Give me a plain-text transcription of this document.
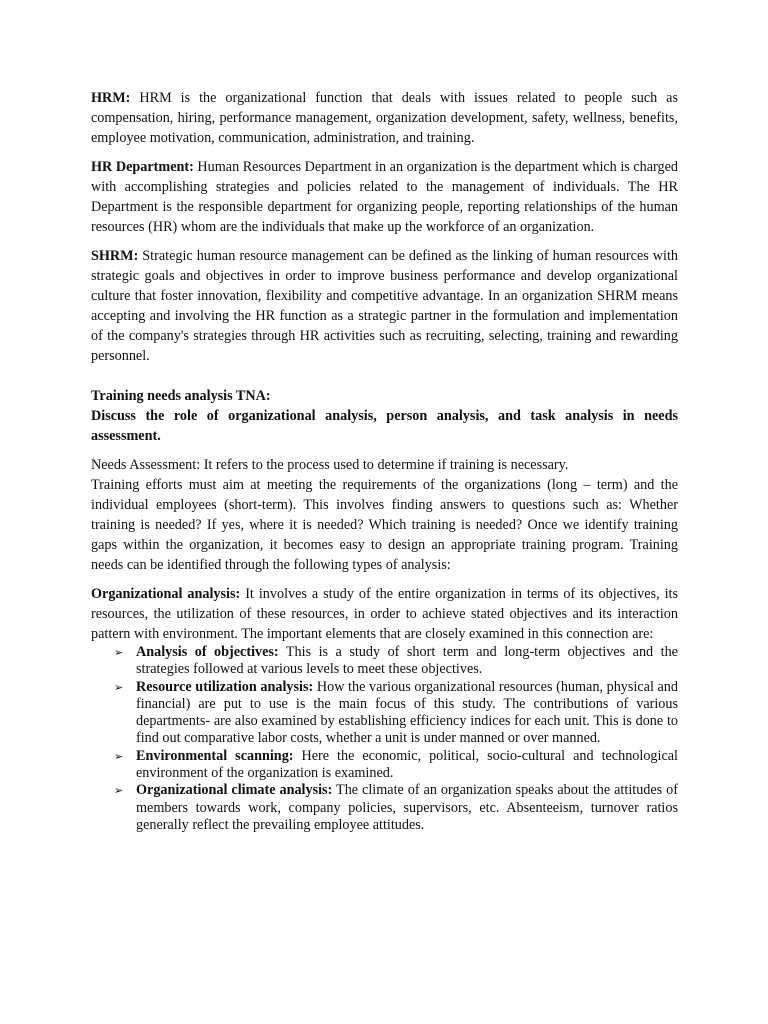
HRM: HRM is the organizational function that deals with issues related to people such as compensation, hiring, performance management, organization development, safety, wellness, benefits, employee motivation, communication, administration, and training.

HR Department: Human Resources Department in an organization is the department which is charged with accomplishing strategies and policies related to the management of individuals. The HR Department is the responsible department for organizing people, reporting relationships of the human resources (HR) whom are the individuals that make up the workforce of an organization.

SHRM: Strategic human resource management can be defined as the linking of human resources with strategic goals and objectives in order to improve business performance and develop organizational culture that foster innovation, flexibility and competitive advantage. In an organization SHRM means accepting and involving the HR function as a strategic partner in the formulation and implementation of the company's strategies through HR activities such as recruiting, selecting, training and rewarding personnel.

Training needs analysis TNA:

Discuss the role of organizational analysis, person analysis, and task analysis in needs assessment.

Needs Assessment: It refers to the process used to determine if training is necessary.

Training efforts must aim at meeting the requirements of the organizations (long – term) and the individual employees (short-term). This involves finding answers to questions such as: Whether training is needed? If yes, where it is needed? Which training is needed? Once we identify training gaps within the organization, it becomes easy to design an appropriate training program. Training needs can be identified through the following types of analysis:

Organizational analysis: It involves a study of the entire organization in terms of its objectives, its resources, the utilization of these resources, in order to achieve stated objectives and its interaction pattern with environment. The important elements that are closely examined in this connection are:

➢ Analysis of objectives: This is a study of short term and long-term objectives and the strategies followed at various levels to meet these objectives.
➢ Resource utilization analysis: How the various organizational resources (human, physical and financial) are put to use is the main focus of this study. The contributions of various departments- are also examined by establishing efficiency indices for each unit. This is done to find out comparative labor costs, whether a unit is under manned or over manned.
➢ Environmental scanning: Here the economic, political, socio-cultural and technological environment of the organization is examined.
➢ Organizational climate analysis: The climate of an organization speaks about the attitudes of members towards work, company policies, supervisors, etc. Absenteeism, turnover ratios generally reflect the prevailing employee attitudes.
